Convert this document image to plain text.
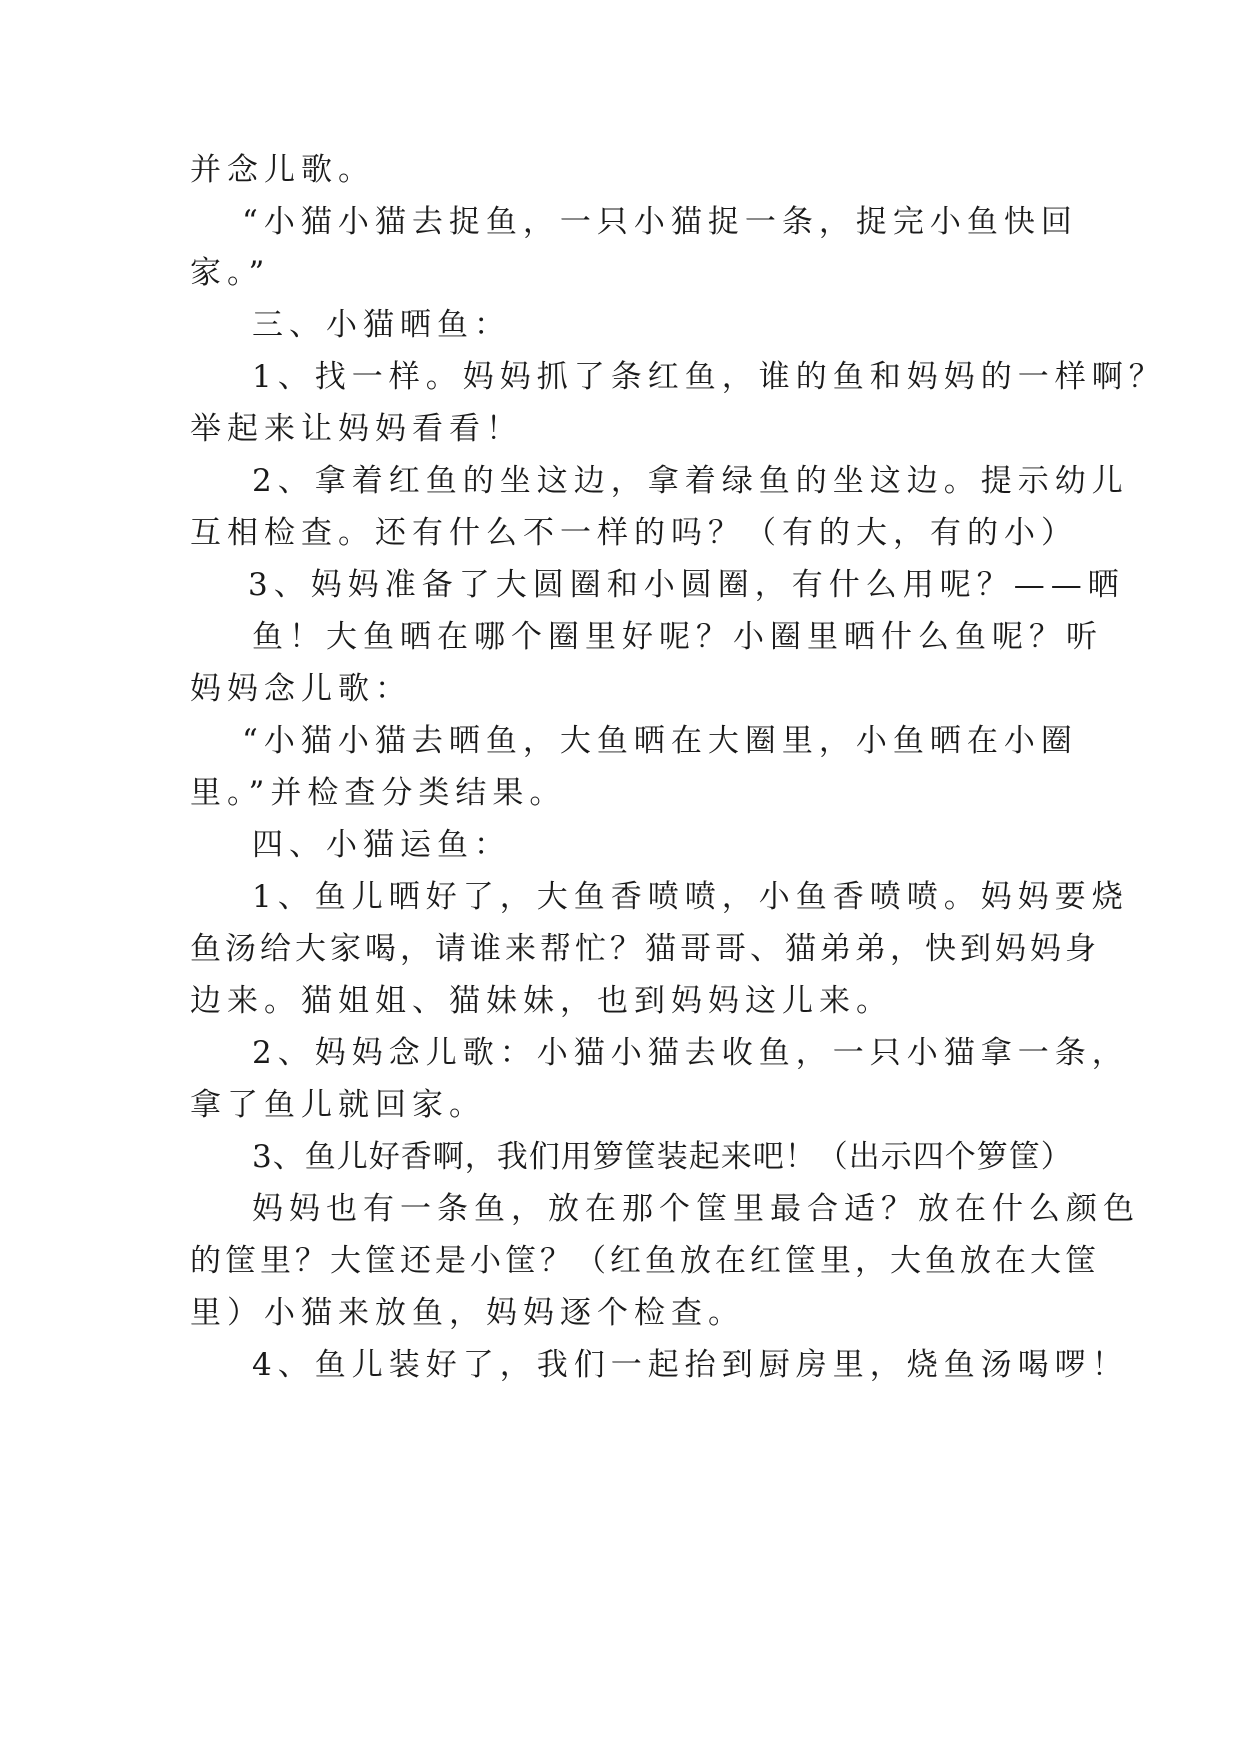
并念儿歌。
“小猫小猫去捉鱼，一只小猫捉一条，捉完小鱼快回
家。”
三、小猫晒鱼：
1、找一样。妈妈抓了条红鱼，谁的鱼和妈妈的一样啊？
举起来让妈妈看看！
2、拿着红鱼的坐这边，拿着绿鱼的坐这边。提示幼儿
互相检查。还有什么不一样的吗？（有的大，有的小）
3、妈妈准备了大圆圈和小圆圈，有什么用呢？——晒
鱼！大鱼晒在哪个圈里好呢？小圈里晒什么鱼呢？听
妈妈念儿歌：
“小猫小猫去晒鱼，大鱼晒在大圈里，小鱼晒在小圈
里。”并检查分类结果。
四、小猫运鱼：
1、鱼儿晒好了，大鱼香喷喷，小鱼香喷喷。妈妈要烧
鱼汤给大家喝，请谁来帮忙？猫哥哥、猫弟弟，快到妈妈身
边来。猫姐姐、猫妹妹，也到妈妈这儿来。
2、妈妈念儿歌：小猫小猫去收鱼，一只小猫拿一条，
拿了鱼儿就回家。
3、鱼儿好香啊，我们用箩筐装起来吧！（出示四个箩筐）
妈妈也有一条鱼，放在那个筐里最合适？放在什么颜色
的筐里？大筐还是小筐？（红鱼放在红筐里，大鱼放在大筐
里）小猫来放鱼，妈妈逐个检查。
4、鱼儿装好了，我们一起抬到厨房里，烧鱼汤喝啰！
